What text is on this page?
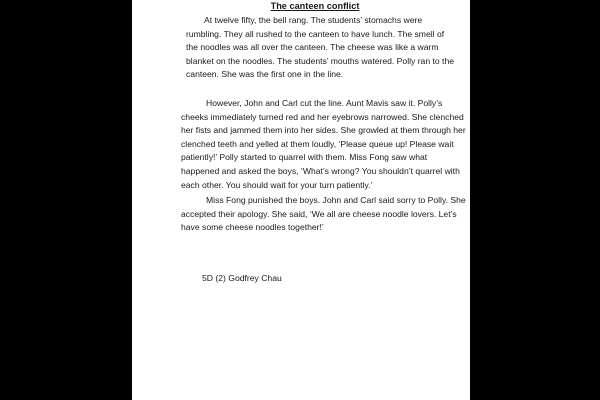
The canteen conflict

At twelve fifty, the bell rang. The students’ stomachs were rumbling. They all rushed to the canteen to have lunch. The smell of the noodles was all over the canteen. The cheese was like a warm blanket on the noodles. The students’ mouths watered. Polly ran to the canteen. She was the first one in the line.

However, John and Carl cut the line. Aunt Mavis saw it. Polly’s cheeks immediately turned red and her eyebrows narrowed. She clenched her fists and jammed them into her sides. She growled at them through her clenched teeth and yelled at them loudly, ‘Please queue up! Please wait patiently!’ Polly started to quarrel with them. Miss Fong saw what happened and asked the boys, ‘What’s wrong? You shouldn’t quarrel with each other. You should wait for your turn patiently.’

Miss Fong punished the boys. John and Carl said sorry to Polly. She accepted their apology. She said, ‘We all are cheese noodle lovers. Let’s have some cheese noodles together!’

5D (2) Godfrey Chau
